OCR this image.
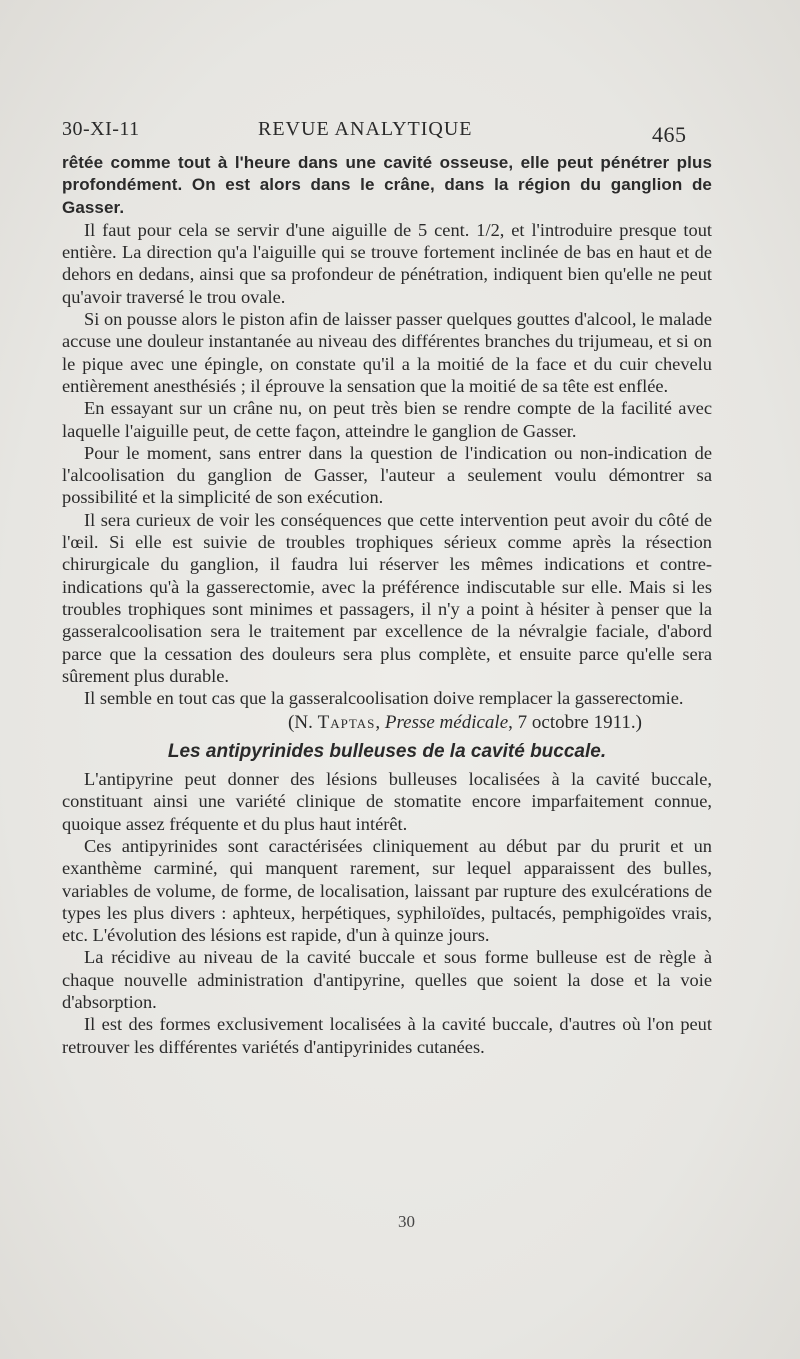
30-XI-11	REVUE ANALYTIQUE	465

rêtée comme tout à l'heure dans une cavité osseuse, elle peut pénétrer plus profondément. On est alors dans le crâne, dans la région du ganglion de Gasser.

Il faut pour cela se servir d'une aiguille de 5 cent. 1/2, et l'introduire presque tout entière. La direction qu'a l'aiguille qui se trouve fortement inclinée de bas en haut et de dehors en dedans, ainsi que sa profondeur de pénétration, indiquent bien qu'elle ne peut qu'avoir traversé le trou ovale.

Si on pousse alors le piston afin de laisser passer quelques gouttes d'alcool, le malade accuse une douleur instantanée au niveau des différentes branches du trijumeau, et si on le pique avec une épingle, on constate qu'il a la moitié de la face et du cuir chevelu entièrement anesthésiés ; il éprouve la sensation que la moitié de sa tête est enflée.

En essayant sur un crâne nu, on peut très bien se rendre compte de la facilité avec laquelle l'aiguille peut, de cette façon, atteindre le ganglion de Gasser.

Pour le moment, sans entrer dans la question de l'indication ou non-indication de l'alcoolisation du ganglion de Gasser, l'auteur a seulement voulu démontrer sa possibilité et la simplicité de son exécution.

Il sera curieux de voir les conséquences que cette intervention peut avoir du côté de l'œil. Si elle est suivie de troubles trophiques sérieux comme après la résection chirurgicale du ganglion, il faudra lui réserver les mêmes indications et contre-indications qu'à la gasserectomie, avec la préférence indiscutable sur elle. Mais si les troubles trophiques sont minimes et passagers, il n'y a point à hésiter à penser que la gasseralcoolisation sera le traitement par excellence de la névralgie faciale, d'abord parce que la cessation des douleurs sera plus complète, et ensuite parce qu'elle sera sûrement plus durable.

Il semble en tout cas que la gasseralcoolisation doive remplacer la gasserectomie.

(N. Taptas, Presse médicale, 7 octobre 1911.)

Les antipyrinides bulleuses de la cavité buccale.

L'antipyrine peut donner des lésions bulleuses localisées à la cavité buccale, constituant ainsi une variété clinique de stomatite encore imparfaitement connue, quoique assez fréquente et du plus haut intérêt.

Ces antipyrinides sont caractérisées cliniquement au début par du prurit et un exanthème carminé, qui manquent rarement, sur lequel apparaissent des bulles, variables de volume, de forme, de localisation, laissant par rupture des exulcérations de types les plus divers : aphteux, herpétiques, syphiloïdes, pultacés, pemphigoïdes vrais, etc. L'évolution des lésions est rapide, d'un à quinze jours.

La récidive au niveau de la cavité buccale et sous forme bulleuse est de règle à chaque nouvelle administration d'antipyrine, quelles que soient la dose et la voie d'absorption.

Il est des formes exclusivement localisées à la cavité buccale, d'autres où l'on peut retrouver les différentes variétés d'antipyrinides cutanées.

30
